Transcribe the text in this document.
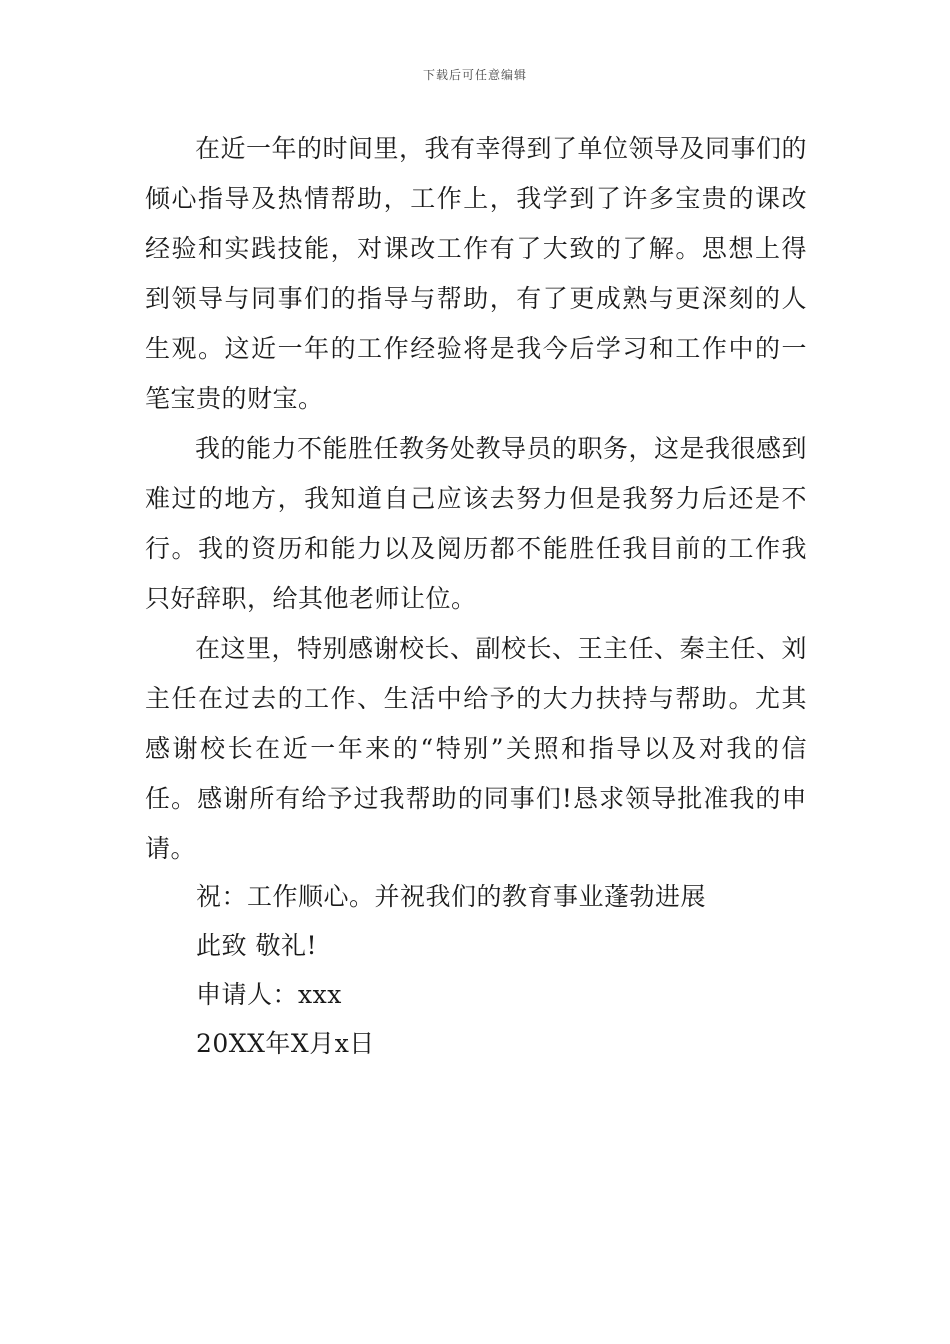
下载后可任意编辑

在近一年的时间里，我有幸得到了单位领导及同事们的倾心指导及热情帮助，工作上，我学到了许多宝贵的课改经验和实践技能，对课改工作有了大致的了解。思想上得到领导与同事们的指导与帮助，有了更成熟与更深刻的人生观。这近一年的工作经验将是我今后学习和工作中的一笔宝贵的财宝。

我的能力不能胜任教务处教导员的职务，这是我很感到难过的地方，我知道自己应该去努力但是我努力后还是不行。我的资历和能力以及阅历都不能胜任我目前的工作我只好辞职，给其他老师让位。

在这里，特别感谢校长、副校长、王主任、秦主任、刘主任在过去的工作、生活中给予的大力扶持与帮助。尤其感谢校长在近一年来的“特别”关照和指导以及对我的信任。感谢所有给予过我帮助的同事们!恳求领导批准我的申请。

祝：工作顺心。并祝我们的教育事业蓬勃进展
此致 敬礼!
申请人：xxx
20XX年X月x日
